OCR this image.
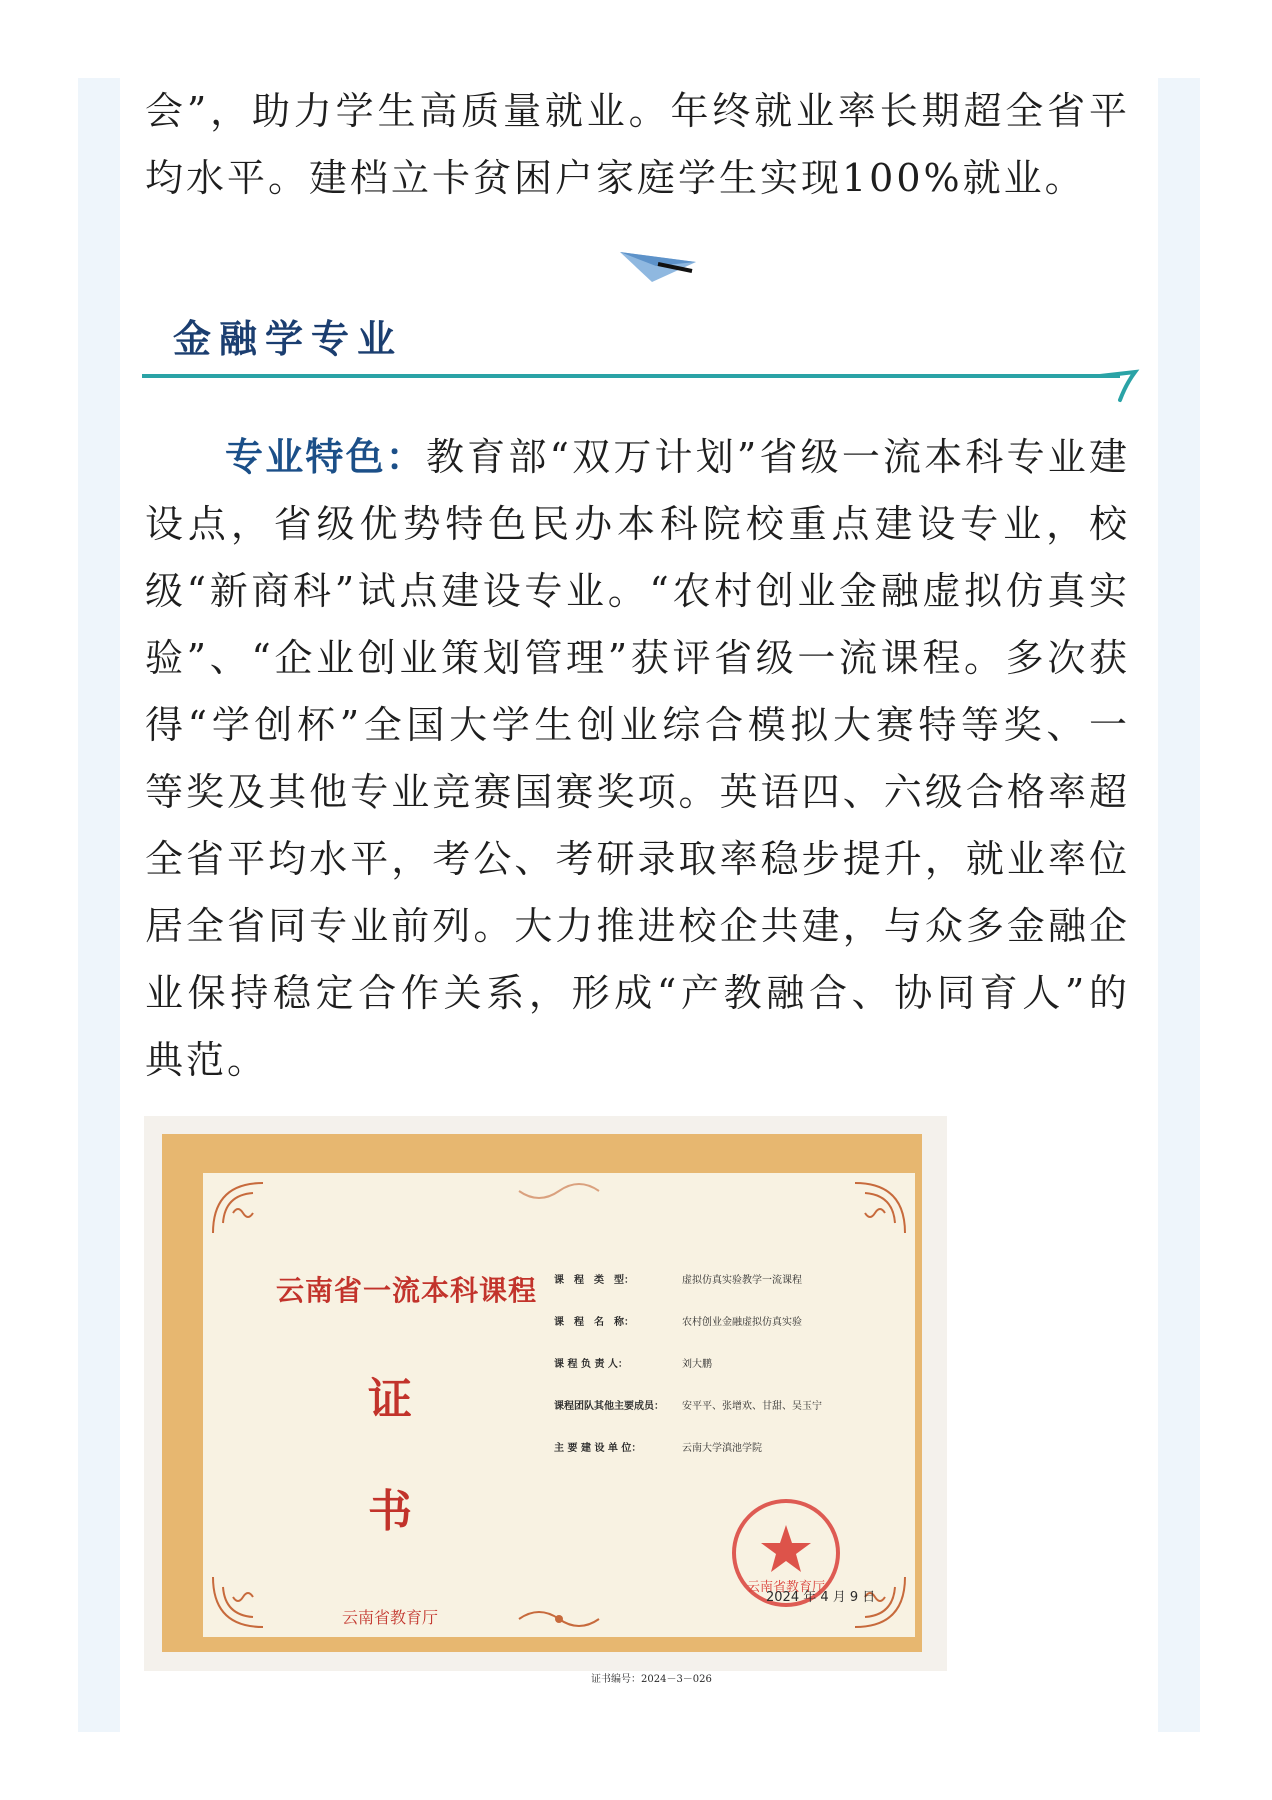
会”，助力学生高质量就业。年终就业率长期超全省平均水平。建档立卡贫困户家庭学生实现100%就业。

金融学专业

专业特色：教育部“双万计划”省级一流本科专业建设点，省级优势特色民办本科院校重点建设专业，校级“新商科”试点建设专业。“农村创业金融虚拟仿真实验”、“企业创业策划管理”获评省级一流课程。多次获得“学创杯”全国大学生创业综合模拟大赛特等奖、一等奖及其他专业竞赛国赛奖项。英语四、六级合格率超全省平均水平，考公、考研录取率稳步提升，就业率位居全省同专业前列。大力推进校企共建，与众多金融企业保持稳定合作关系，形成“产教融合、协同育人”的典范。

云南省一流本科课程
证
书
云南省教育厅
课　程　类　型：	虚拟仿真实验教学一流课程
课　程　名　称：	农村创业金融虚拟仿真实验
课 程 负 责 人：	刘大鹏
课程团队其他主要成员： 安平平、张增欢、甘甜、吴玉宁
主 要 建 设 单 位：	云南大学滇池学院
云南省教育厅
2024 年 4 月 9 日
证书编号：2024－3－026
